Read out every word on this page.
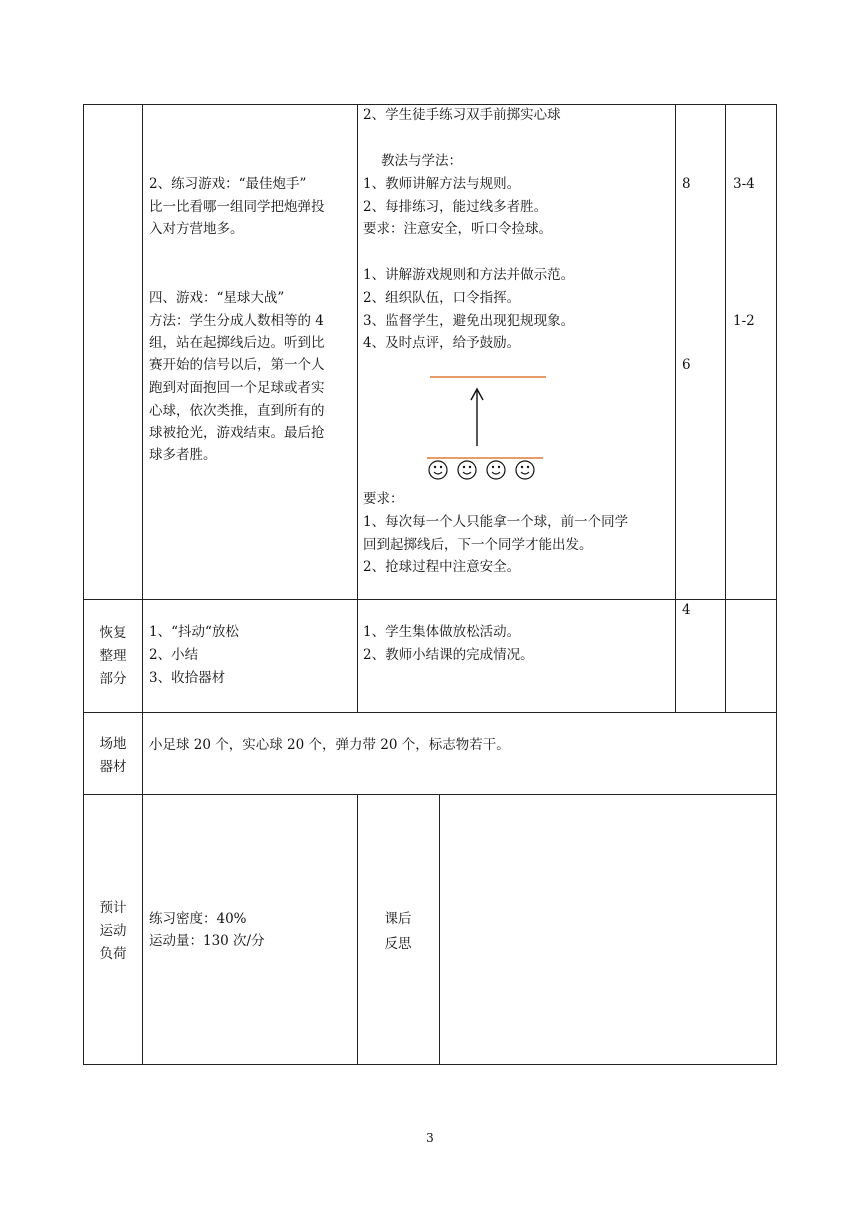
2、练习游戏：“最佳炮手”
比一比看哪一组同学把炮弹投
入对方营地多。
四、游戏：“星球大战”
方法：学生分成人数相等的 4
组，站在起掷线后边。听到比
赛开始的信号以后，第一个人
跑到对面抱回一个足球或者实
心球，依次类推，直到所有的
球被抢光，游戏结束。最后抢
球多者胜。
2、学生徒手练习双手前掷实心球
教法与学法：
1、教师讲解方法与规则。
2、每排练习，能过线多者胜。
要求：注意安全，听口令捡球。
1、讲解游戏规则和方法并做示范。
2、组织队伍，口令指挥。
3、监督学生，避免出现犯规现象。
4、及时点评，给予鼓励。
要求：
1、每次每一个人只能拿一个球，前一个同学
回到起掷线后，下一个同学才能出发。
2、抢球过程中注意安全。
8
6
3-4
1-2
恢复
整理
部分
1、“抖动“放松
2、小结
3、收拾器材
1、学生集体做放松活动。
2、教师小结课的完成情况。
4
场地
器材
小足球 20 个，实心球 20 个，弹力带 20 个，标志物若干。
预计
运动
负荷
练习密度：40%
运动量：130 次/分
课后
反思
3
